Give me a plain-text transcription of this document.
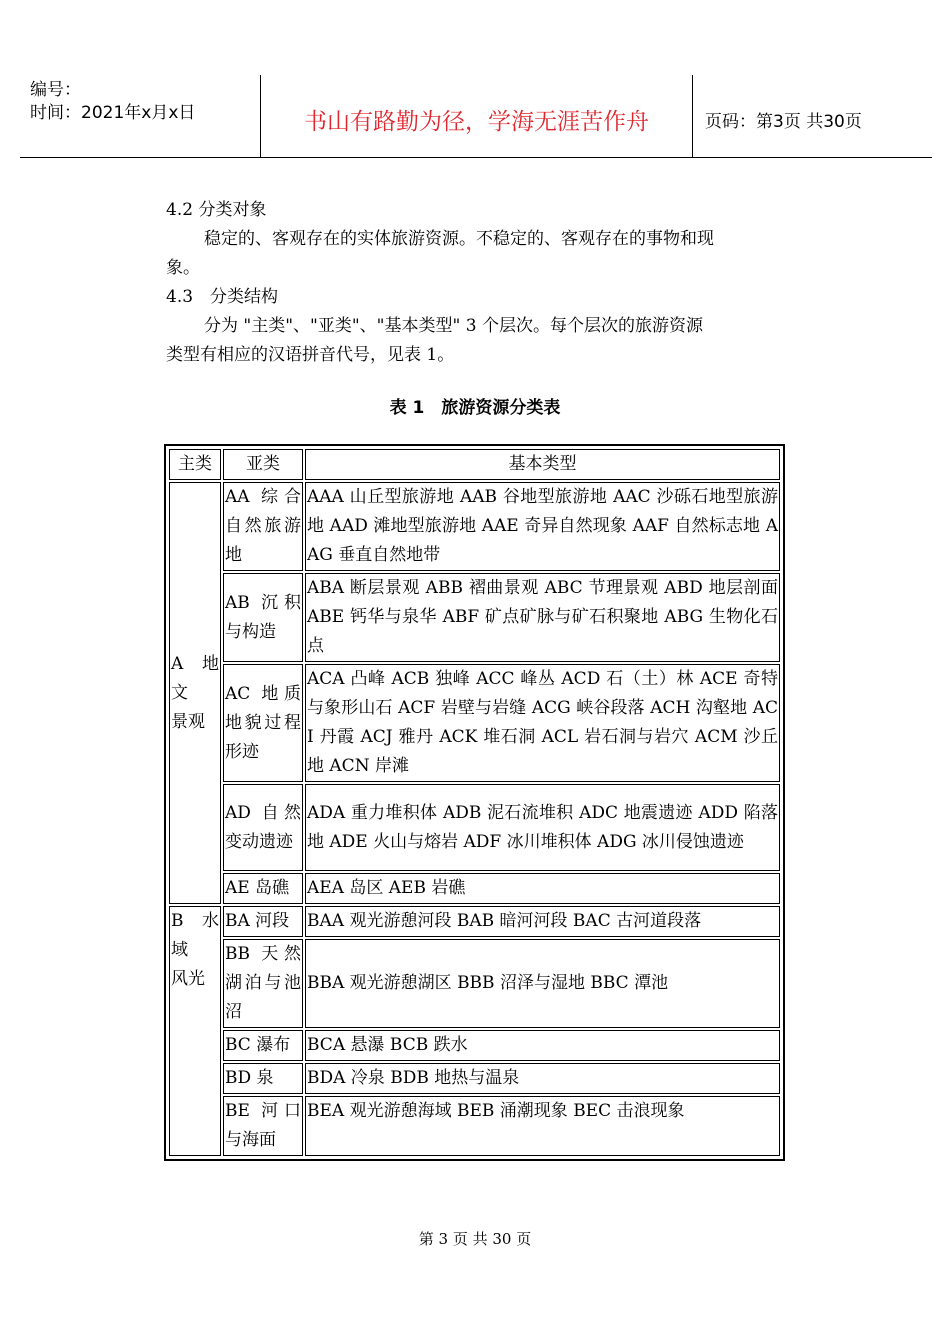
编号：
时间：2021年x月x日	书山有路勤为径，学海无涯苦作舟	页码：第3页 共30页
4.2 分类对象
稳定的、客观存在的实体旅游资源。不稳定的、客观存在的事物和现
象。
4.3　分类结构
分为 "主类"、"亚类"、"基本类型" 3 个层次。每个层次的旅游资源
类型有相应的汉语拼音代号，见表 1。
表 1　旅游资源分类表
主类	亚类	基本类型

A　地文　景观	AA 综合自然旅游地	AAA 山丘型旅游地 AAB 谷地型旅游地 AAC 沙砾石地型旅游地 AAD 滩地型旅游地 AAE 奇异自然现象 AAF 自然标志地 AAG 垂直自然地带
	AB 沉积与构造	ABA 断层景观 ABB 褶曲景观 ABC 节理景观 ABD 地层剖面 ABE 钙华与泉华 ABF 矿点矿脉与矿石积聚地 ABG 生物化石点
	AC 地质地貌过程形迹	ACA 凸峰 ACB 独峰 ACC 峰丛 ACD 石（土）林 ACE 奇特与象形山石 ACF 岩壁与岩缝 ACG 峡谷段落 ACH 沟壑地 ACI 丹霞 ACJ 雅丹 ACK 堆石洞 ACL 岩石洞与岩穴 ACM 沙丘地 ACN 岸滩
	AD 自然变动遗迹	ADA 重力堆积体 ADB 泥石流堆积 ADC 地震遗迹 ADD 陷落地 ADE 火山与熔岩 ADF 冰川堆积体 ADG 冰川侵蚀遗迹
	AE 岛礁	AEA 岛区 AEB 岩礁

B　水域　风光	BA 河段	BAA 观光游憩河段 BAB 暗河河段 BAC 古河道段落
	BB 天然湖泊与池沼	BBA 观光游憩湖区 BBB 沼泽与湿地 BBC 潭池
	BC 瀑布	BCA 悬瀑 BCB 跌水
	BD 泉	BDA 冷泉 BDB 地热与温泉
	BE 河口与海面	BEA 观光游憩海域 BEB 涌潮现象 BEC 击浪现象
第 3 页 共 30 页
